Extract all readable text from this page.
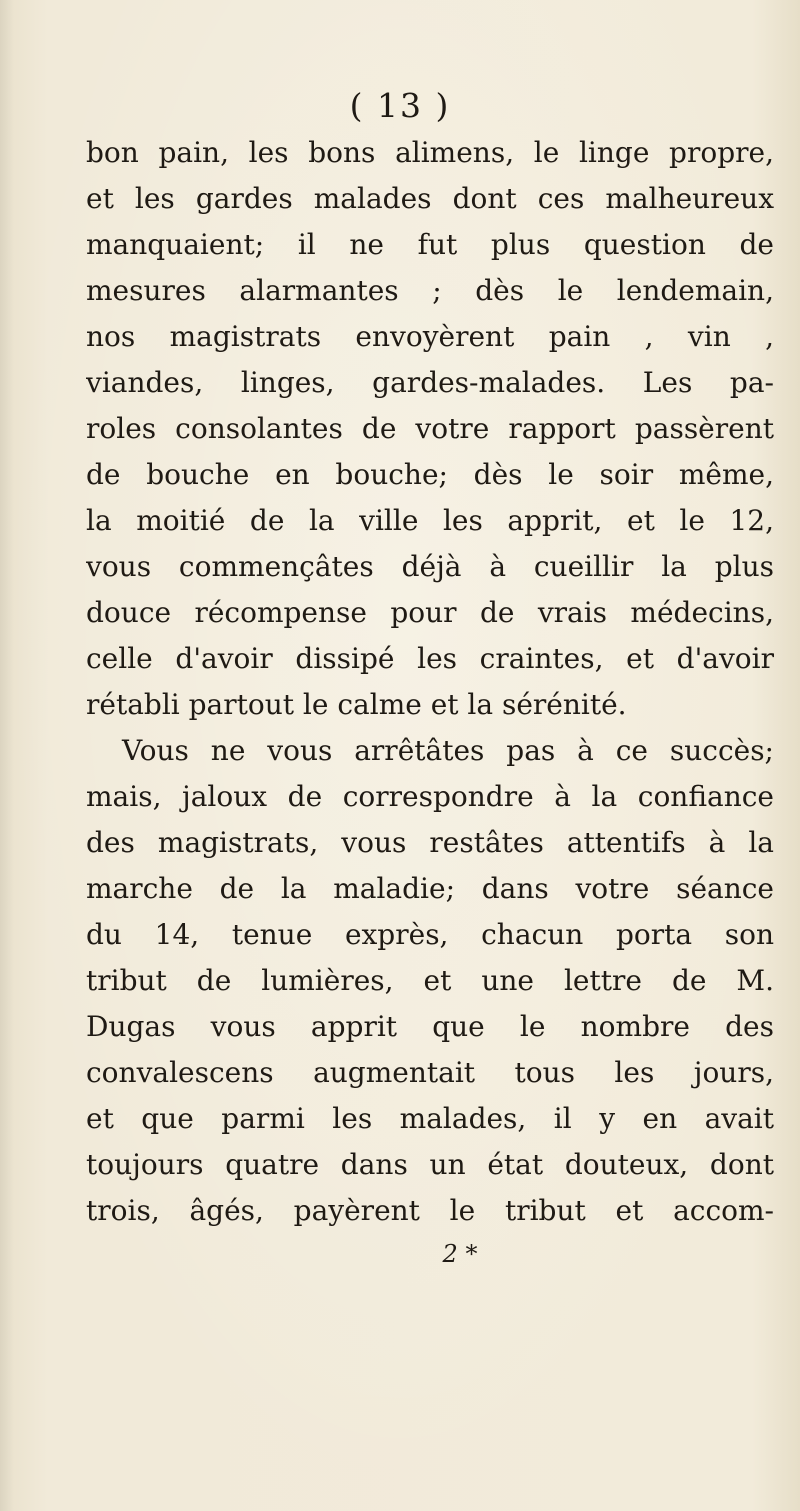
( 13 )
bon pain, les bons alimens, le linge propre,
et les gardes malades dont ces malheureux
manquaient; il ne fut plus question de
mesures alarmantes ; dès le lendemain,
nos magistrats envoyèrent pain , vin ,
viandes, linges, gardes-malades. Les pa-
roles consolantes de votre rapport passèrent
de bouche en bouche; dès le soir même,
la moitié de la ville les apprit, et le 12,
vous commençâtes déjà à cueillir la plus
douce récompense pour de vrais médecins,
celle d'avoir dissipé les craintes, et d'avoir
rétabli partout le calme et la sérénité.
Vous ne vous arrêtâtes pas à ce succès;
mais, jaloux de correspondre à la confiance
des magistrats, vous restâtes attentifs à la
marche de la maladie; dans votre séance
du 14, tenue exprès, chacun porta son
tribut de lumières, et une lettre de M.
Dugas vous apprit que le nombre des
convalescens augmentait tous les jours,
et que parmi les malades, il y en avait
toujours quatre dans un état douteux, dont
trois, âgés, payèrent le tribut et accom-
2 *
